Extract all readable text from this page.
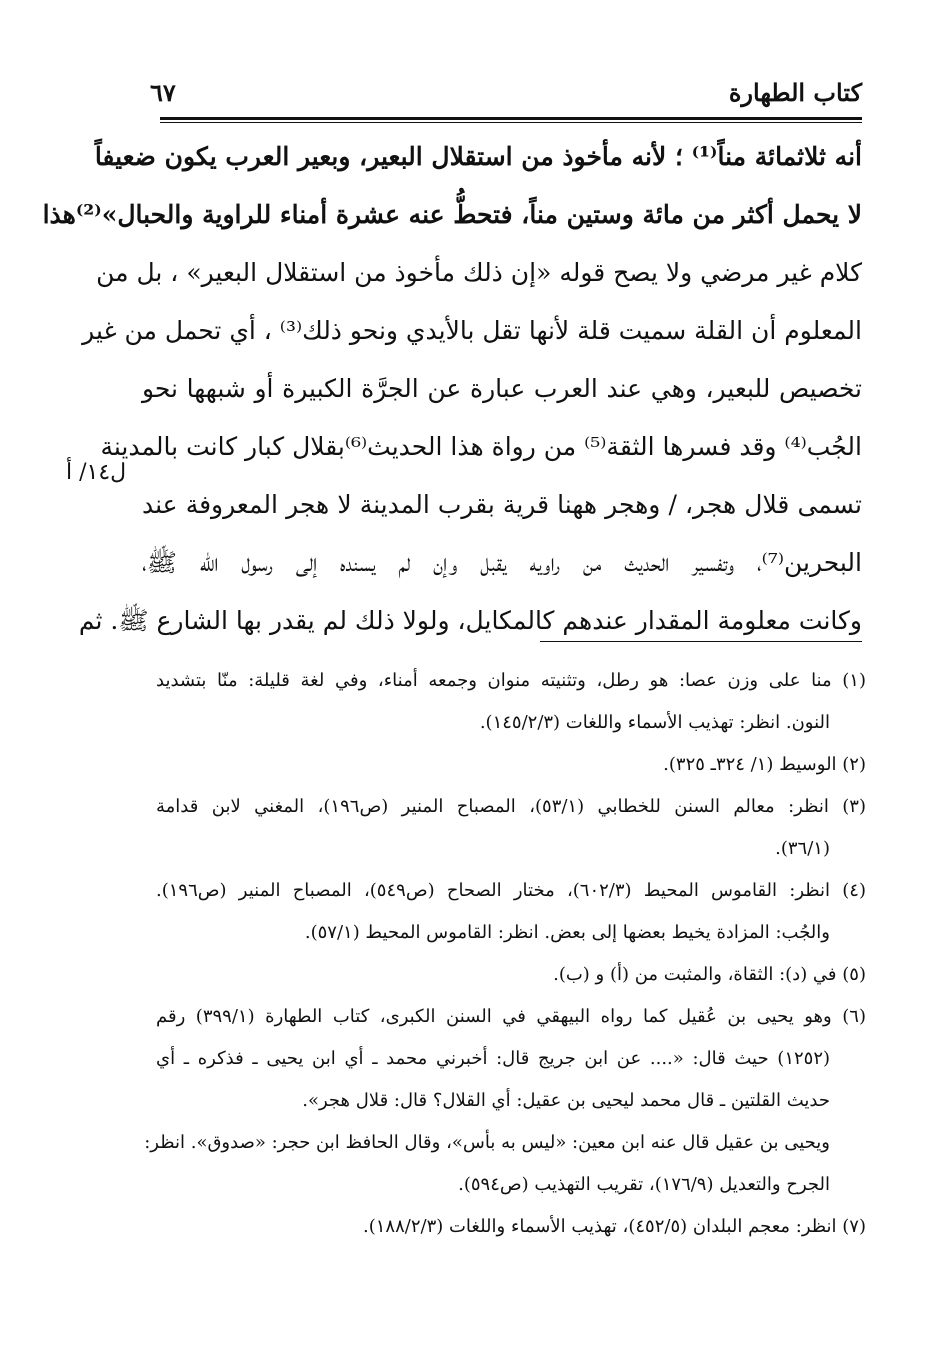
كتاب الطهارة
٦٧
أنه ثلاثمائة مناً⁽¹⁾ ؛ لأنه مأخوذ من استقلال البعير، وبعير العرب يكون ضعيفاً
لا يحمل أكثر من مائة وستين مناً، فتحطُّ عنه عشرة أمناء للراوية والحبال»⁽²⁾هذا
كلام غير مرضي ولا يصح قوله «إن ذلك مأخوذ من استقلال البعير» ، بل من
المعلوم أن القلة سميت قلة لأنها تقل بالأيدي ونحو ذلك⁽³⁾ ، أي تحمل من غير
تخصيص للبعير، وهي عند العرب عبارة عن الجرَّة الكبيرة أو شبهها نحو
الجُب⁽⁴⁾ وقد فسرها الثقة⁽⁵⁾ من رواة هذا الحديث⁽⁶⁾بقلال كبار كانت بالمدينة
تسمى قلال هجر، / وهجر ههنا قرية بقرب المدينة لا هجر المعروفة عند
البحرين⁽⁷⁾، وتفسير الحديث من راويه يقبل وإن لم يسنده إلى رسول الله ﷺ،
وكانت معلومة المقدار عندهم كالمكايل، ولولا ذلك لم يقدر بها الشارع ﷺ. ثم
ل١٤/ أ
(١) منا على وزن عصا: هو رطل، وتثنيته منوان وجمعه أمناء، وفي لغة قليلة: منّا بتشديد
النون. انظر: تهذيب الأسماء واللغات (١٤٥/٢/٣).
(٢) الوسيط (١/ ٣٢٤ـ ٣٢٥).
(٣) انظر: معالم السنن للخطابي (٥٣/١)، المصباح المنير (ص١٩٦)، المغني لابن قدامة
(٣٦/١).
(٤) انظر: القاموس المحيط (٦٠٢/٣)، مختار الصحاح (ص٥٤٩)، المصباح المنير (ص١٩٦).
والجُب: المزادة يخيط بعضها إلى بعض. انظر: القاموس المحيط (٥٧/١).
(٥) في (د): الثقاة، والمثبت من (أ) و (ب).
(٦) وهو يحيى بن عُقيل كما رواه البيهقي في السنن الكبرى، كتاب الطهارة (٣٩٩/١) رقم
(١٢٥٢) حيث قال: «.... عن ابن جريج قال: أخبرني محمد ـ أي ابن يحيى ـ فذكره ـ أي
حديث القلتين ـ قال محمد ليحيى بن عقيل: أي القلال؟ قال: قلال هجر».
ويحيى بن عقيل قال عنه ابن معين: «ليس به بأس»، وقال الحافظ ابن حجر: «صدوق». انظر:
الجرح والتعديل (١٧٦/٩)، تقريب التهذيب (ص٥٩٤).
(٧) انظر: معجم البلدان (٤٥٢/٥)، تهذيب الأسماء واللغات (١٨٨/٢/٣).
